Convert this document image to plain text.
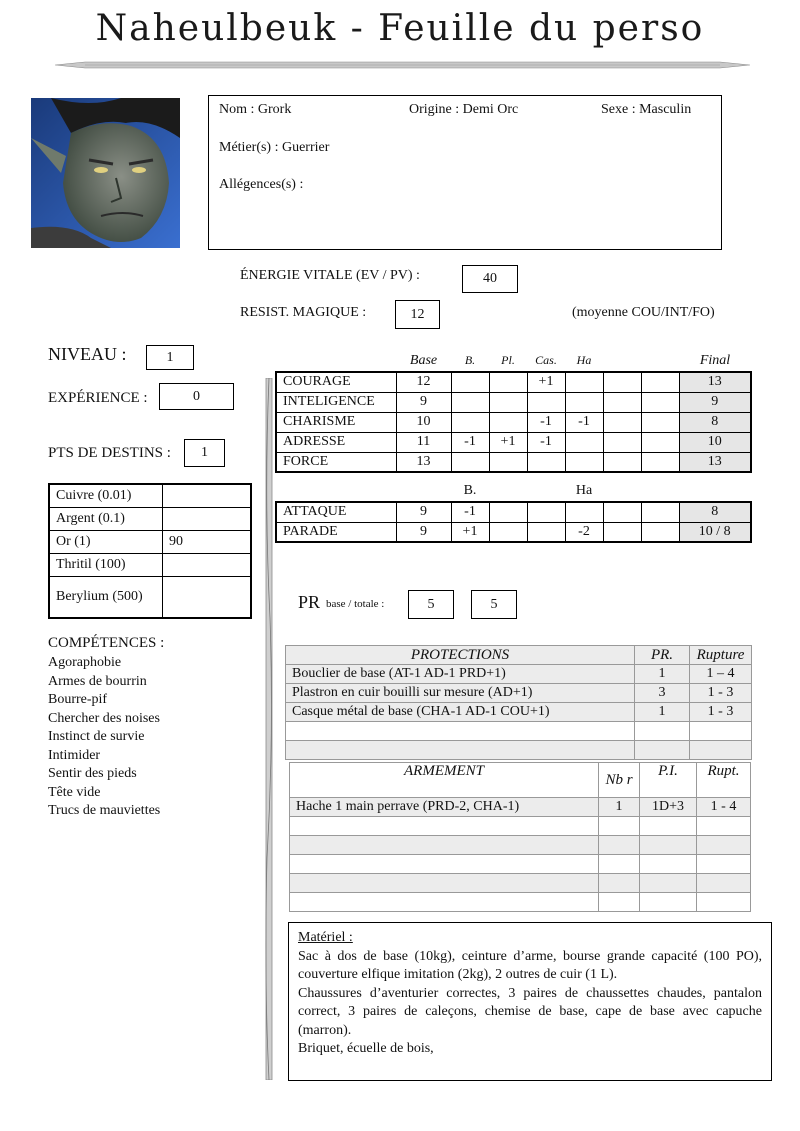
Naheulbeuk - Feuille du perso
Nom : Grork	Origine : Demi Orc	Sexe : Masculin
Métier(s) : Guerrier
Allégences(s) :
ÉNERGIE VITALE (EV / PV) :	40
RESIST. MAGIQUE :	12	(moyenne COU/INT/FO)
NIVEAU :	1
EXPÉRIENCE :	0
PTS DE DESTINS :	1
Cuivre (0.01)	
Argent (0.1)	
Or (1)	90
Thritil (100)	
Berylium (500)	
COMPÉTENCES :
Agoraphobie
Armes de bourrin
Bourre-pif
Chercher des noises
Instinct de survie
Intimider
Sentir des pieds
Tête vide
Trucs de mauviettes
Base	B.	Pl.	Cas.	Ha	Final
COURAGE	12			+1				13
INTELIGENCE	9							9
CHARISME	10			-1	-1			8
ADRESSE	11	-1	+1	-1				10
FORCE	13							13
B.	Ha
ATTAQUE	9	-1						8
PARADE	9	+1			-2			10 / 8
PR base / totale :	5	5
PROTECTIONS	PR.	Rupture
Bouclier de base (AT-1 AD-1 PRD+1)	1	1 – 4
Plastron en cuir bouilli sur mesure (AD+1)	3	1 - 3
Casque métal de base (CHA-1 AD-1 COU+1)	1	1 - 3

ARMEMENT	Nb r	P.I.	Rupt.
Hache 1 main perrave (PRD-2, CHA-1)	1	1D+3	1 - 4

Matériel :
Sac à dos de base (10kg), ceinture d’arme, bourse grande capacité (100 PO), couverture elfique imitation (2kg), 2 outres de cuir (1 L).
Chaussures d’aventurier correctes, 3 paires de chaussettes chaudes, pantalon correct, 3 paires de caleçons, chemise de base, cape de base avec capuche (marron).
Briquet, écuelle de bois,
